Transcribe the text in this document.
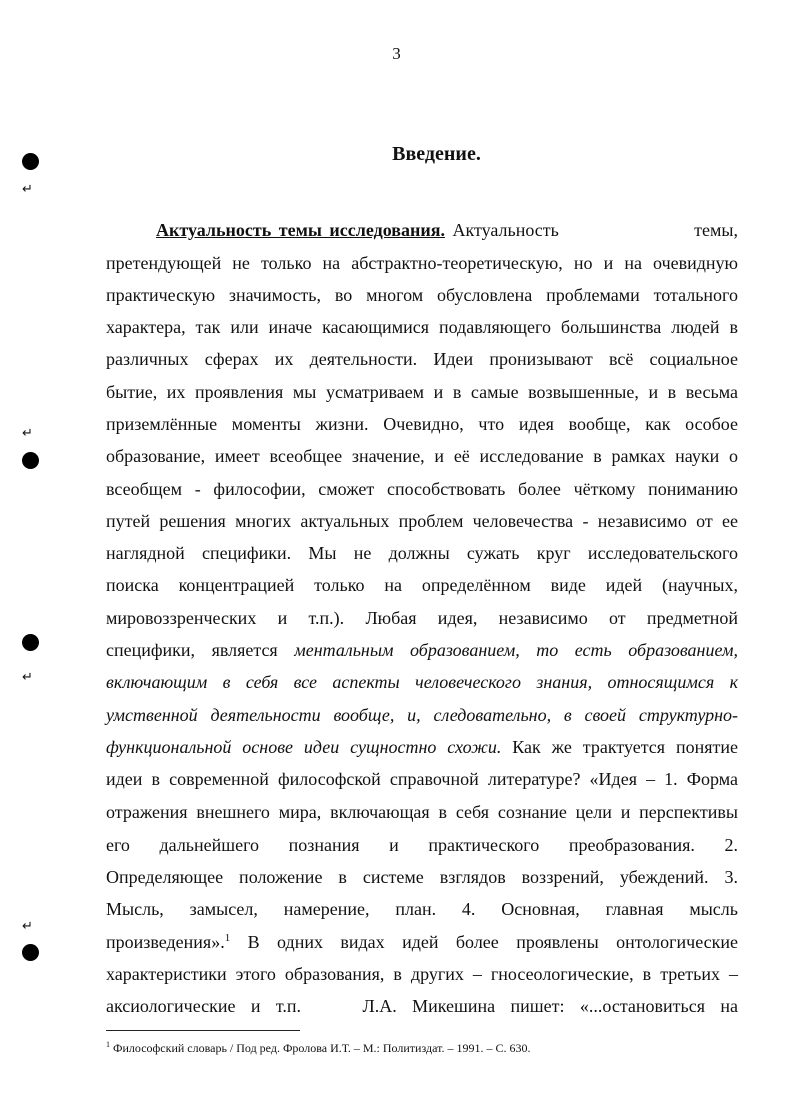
3
Введение.
↵
↵
↵
↵
Актуальность темы исследования. Актуальность                  темы,
претендующей не только на абстрактно-теоретическую, но и на очевидную
практическую значимость, во многом обусловлена проблемами тотального
характера, так или иначе касающимися подавляющего большинства людей в
различных сферах их деятельности. Идеи пронизывают всё социальное
бытие, их проявления мы усматриваем и в самые возвышенные, и в весьма
приземлённые моменты жизни. Очевидно, что идея вообще, как особое
образование, имеет всеобщее значение, и её исследование в рамках науки о
всеобщем - философии, сможет способствовать более чёткому пониманию
путей решения многих актуальных проблем человечества - независимо от ее
наглядной специфики. Мы не должны сужать круг исследовательского
поиска концентрацией только на определённом виде идей (научных,
мировоззренческих и т.п.). Любая идея, независимо от предметной
специфики, является ментальным образованием, то есть образованием,
включающим в себя все аспекты человеческого знания, относящимся к
умственной деятельности вообще, и, следовательно, в своей структурно-
функциональной основе идеи сущностно схожи. Как же трактуется понятие
идеи в современной философской справочной литературе? «Идея – 1. Форма
отражения внешнего мира, включающая в себя сознание цели и перспективы
его дальнейшего познания и практического преобразования. 2.
Определяющее положение в системе взглядов воззрений, убеждений. 3.
Мысль, замысел, намерение, план. 4. Основная, главная мысль
произведения».$^1$ В одних видах идей более проявлены онтологические
характеристики этого образования, в других – гносеологические, в третьих –
аксиологические и т.п.    Л.А. Микешина пишет: «...остановиться на
$^1$ Философский словарь / Под ред. Фролова И.Т. – М.: Политиздат. – 1991. – С. 630.
